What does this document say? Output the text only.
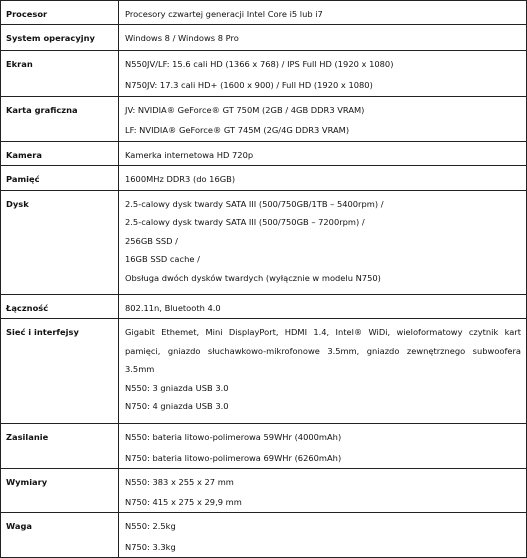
Procesor	Procesory czwartej generacji Intel Core i5 lub i7

System operacyjny	Windows 8 / Windows 8 Pro

Ekran	N550JV/LF: 15.6 cali HD (1366 x 768) / IPS Full HD (1920 x 1080)
N750JV: 17.3 cali HD+ (1600 x 900) / Full HD (1920 x 1080)

Karta graficzna	JV: NVIDIA® GeForce® GT 750M (2GB / 4GB DDR3 VRAM)
LF: NVIDIA® GeForce® GT 745M (2G/4G DDR3 VRAM)

Kamera	Kamerka internetowa HD 720p

Pamięć	1600MHz DDR3 (do 16GB)

Dysk	2.5-calowy dysk twardy SATA III (500/750GB/1TB – 5400rpm) /
2.5-calowy dysk twardy SATA III (500/750GB – 7200rpm) /
256GB SSD /
16GB SSD cache /
Obsługa dwóch dysków twardych (wyłącznie w modelu N750)

Łączność	802.11n, Bluetooth 4.0

Sieć i interfejsy	Gigabit Ethemet, Mini DisplayPort, HDMI 1.4, Intel® WiDi, wieloformatowy czytnik kart pamięci, gniazdo słuchawkowo-mikrofonowe 3.5mm, gniazdo zewnętrznego subwoofera 3.5mm
N550: 3 gniazda USB 3.0
N750: 4 gniazda USB 3.0

Zasilanie	N550: bateria litowo-polimerowa 59WHr (4000mAh)
N750: bateria litowo-polimerowa 69WHr (6260mAh)

Wymiary	N550: 383 x 255 x 27 mm
N750: 415 x 275 x 29,9 mm

Waga	N550: 2.5kg
N750: 3.3kg
